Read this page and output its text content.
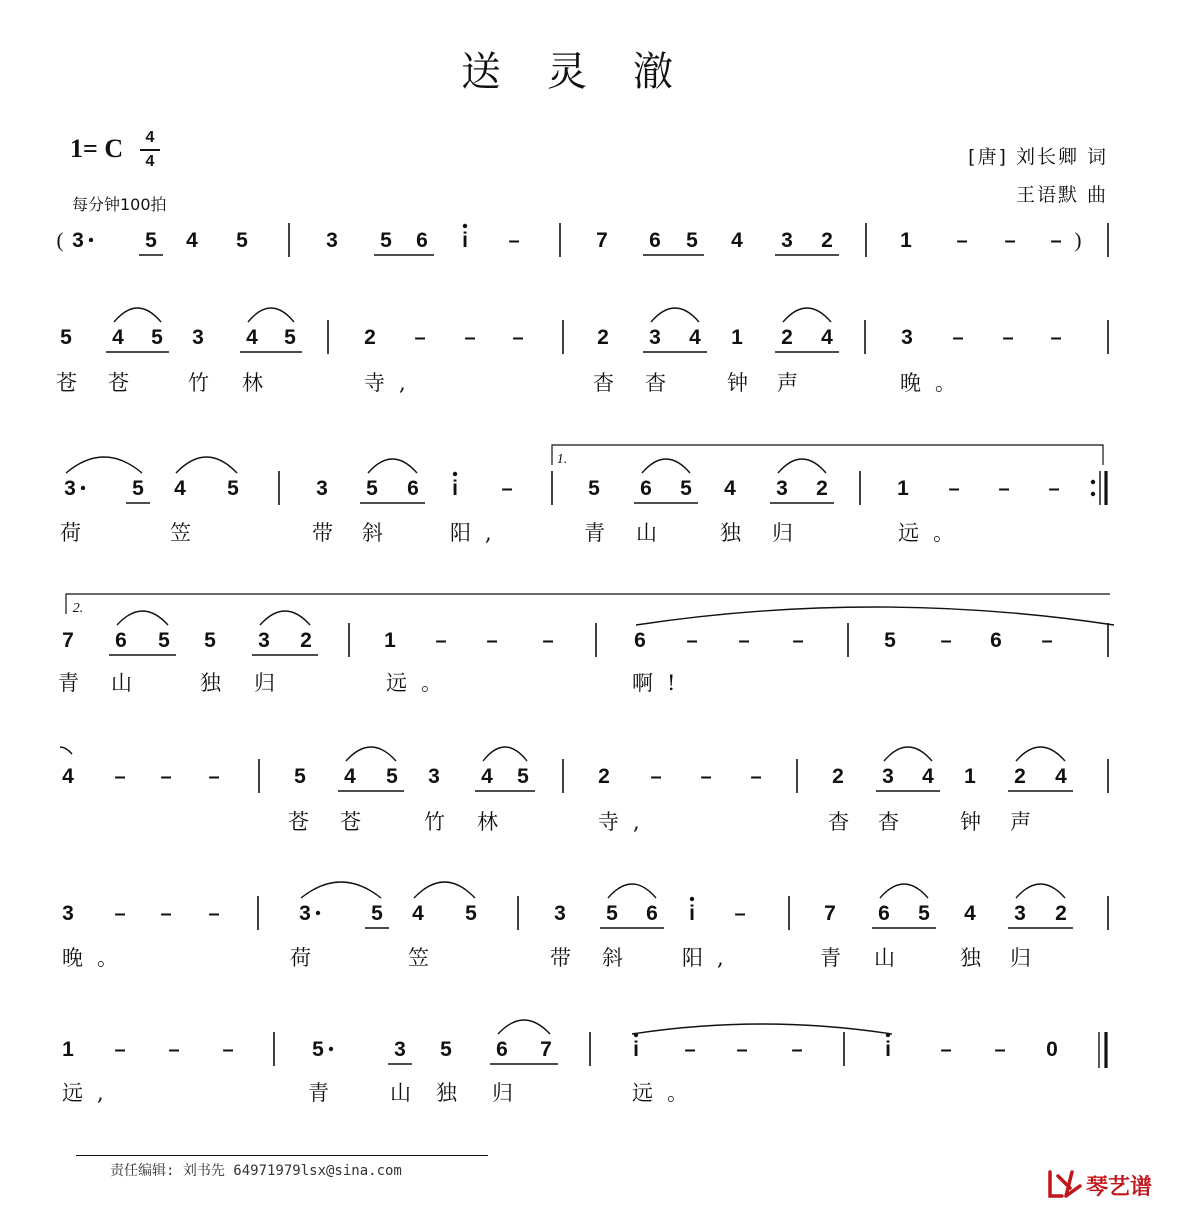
送灵澈
1= C	4
4
每分钟100拍
[唐] 刘长卿 词
王语默 曲
( 3	5 4 5	3 5 6 i –	7 6 5 4 3 2	1 – – – )
5 4 5 3 4 5	2 – – –	2 3 4 1 2 4	3 – – –
苍 苍 竹 林	寺,	杳 杳 钟 声	晚。
3	5 4 5	3 5 6 i –	5 6 5 4 3 2	1 – – –
荷	笠	带 斜	阳,	青 山 独 归	远。
7 6 5 5 3 2	1 – – –	6 – – –	5 – 6 –
青 山	独 归	远。	啊!
4 – – –	5 4 5 3 4 5	2 – – –	2 3 4 1 2 4
苍 苍 竹 林	寺,	杳 杳 钟 声
3 – – –	3	5 4 5	3 5 6 i –	7 6 5 4 3 2
晚。	荷	笠	带 斜 阳,	青 山 独 归
1 – – –	5	3 5 6 7	i – – –	i – – 0
远,	青 山 独 归	远。
1.
2.
责任编辑: 刘书先 64971979lsx@sina.com
琴艺谱
